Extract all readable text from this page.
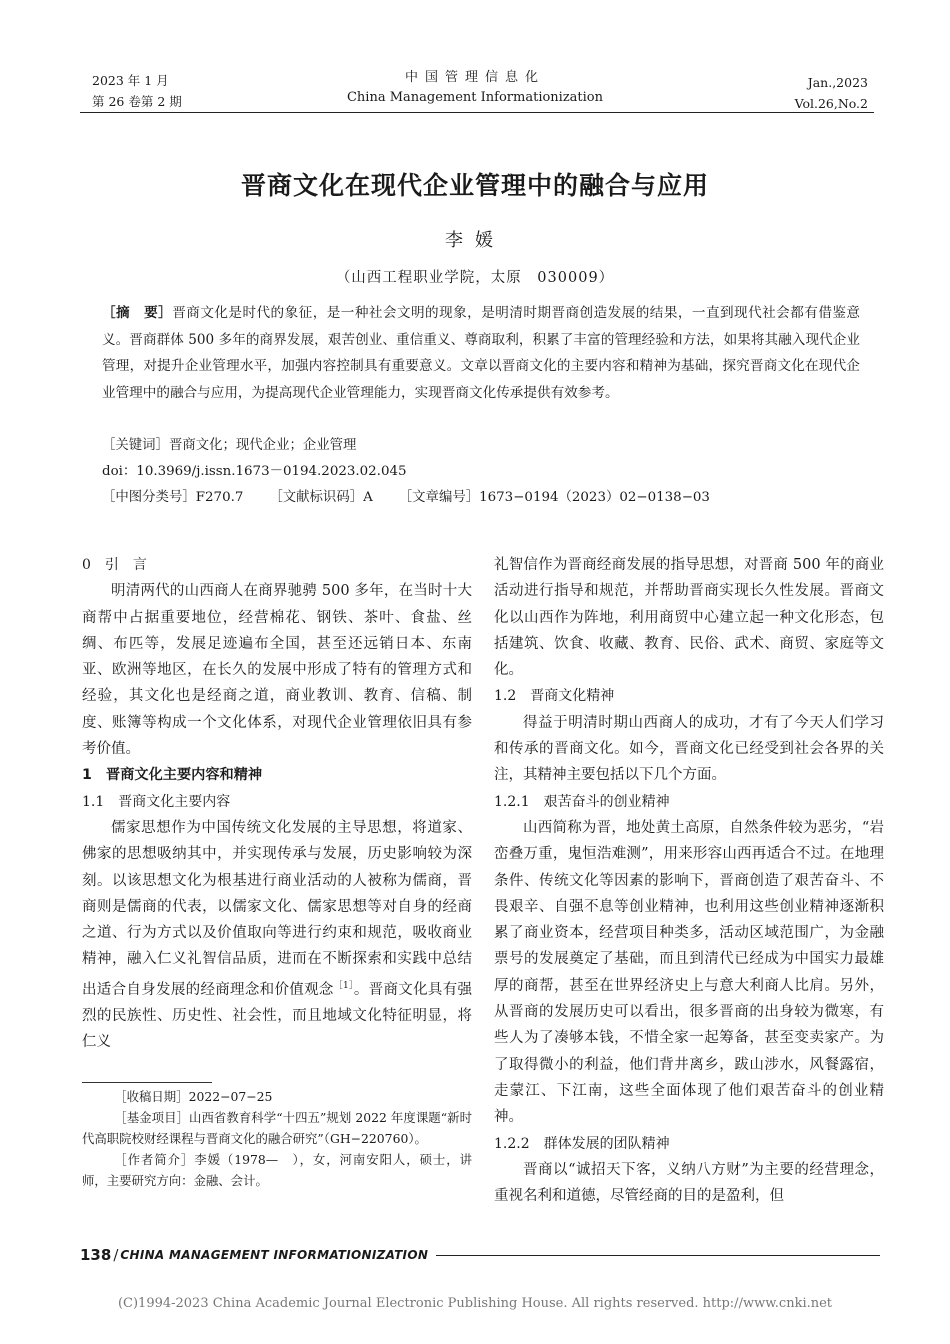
2023 年 1 月
第 26 卷第 2 期
中国管理信息化
China Management Informationization
Jan.,2023
Vol.26,No.2
晋商文化在现代企业管理中的融合与应用
李媛
（山西工程职业学院，太原　030009）
［摘　要］晋商文化是时代的象征，是一种社会文明的现象，是明清时期晋商创造发展的结果，一直到现代社会都有借鉴意义。晋商群体 500 多年的商界发展，艰苦创业、重信重义、尊商取利，积累了丰富的管理经验和方法，如果将其融入现代企业管理，对提升企业管理水平，加强内容控制具有重要意义。文章以晋商文化的主要内容和精神为基础，探究晋商文化在现代企业管理中的融合与应用，为提高现代企业管理能力，实现晋商文化传承提供有效参考。
［关键词］晋商文化；现代企业；企业管理
doi：10.3969/j.issn.1673－0194.2023.02.045
［中图分类号］F270.7 ［文献标识码］A ［文章编号］1673−0194（2023）02−0138−03

0　引　言

明清两代的山西商人在商界驰骋 500 多年，在当时十大商帮中占据重要地位，经营棉花、钢铁、茶叶、食盐、丝绸、布匹等，发展足迹遍布全国，甚至还远销日本、东南亚、欧洲等地区，在长久的发展中形成了特有的管理方式和经验，其文化也是经商之道，商业教训、教育、信稿、制度、账簿等构成一个文化体系，对现代企业管理依旧具有参考价值。

1　晋商文化主要内容和精神

1.1　晋商文化主要内容

儒家思想作为中国传统文化发展的主导思想，将道家、佛家的思想吸纳其中，并实现传承与发展，历史影响较为深刻。以该思想文化为根基进行商业活动的人被称为儒商，晋商则是儒商的代表，以儒家文化、儒家思想等对自身的经商之道、行为方式以及价值取向等进行约束和规范，吸收商业精神，融入仁义礼智信品质，进而在不断探索和实践中总结出适合自身发展的经商理念和价值观念$^{[1]}$。晋商文化具有强烈的民族性、历史性、社会性，而且地域文化特征明显，将仁义

礼智信作为晋商经商发展的指导思想，对晋商 500 年的商业活动进行指导和规范，并帮助晋商实现长久性发展。晋商文化以山西作为阵地，利用商贸中心建立起一种文化形态，包括建筑、饮食、收藏、教育、民俗、武术、商贸、家庭等文化。

1.2　晋商文化精神

得益于明清时期山西商人的成功，才有了今天人们学习和传承的晋商文化。如今，晋商文化已经受到社会各界的关注，其精神主要包括以下几个方面。

1.2.1　艰苦奋斗的创业精神

山西简称为晋，地处黄土高原，自然条件较为恶劣，“岩峦叠万重，鬼恒浩难测”，用来形容山西再适合不过。在地理条件、传统文化等因素的影响下，晋商创造了艰苦奋斗、不畏艰辛、自强不息等创业精神，也利用这些创业精神逐渐积累了商业资本，经营项目种类多，活动区域范围广，为金融票号的发展奠定了基础，而且到清代已经成为中国实力最雄厚的商帮，甚至在世界经济史上与意大利商人比肩。另外，从晋商的发展历史可以看出，很多晋商的出身较为微寒，有些人为了凑够本钱，不惜全家一起筹备，甚至变卖家产。为了取得微小的利益，他们背井离乡，跋山涉水，风餐露宿，走蒙江、下江南，这些全面体现了他们艰苦奋斗的创业精神。

1.2.2　群体发展的团队精神

晋商以“诚招天下客，义纳八方财”为主要的经营理念，重视名利和道德，尽管经商的目的是盈利，但

［收稿日期］2022−07−25

［基金项目］山西省教育科学“十四五”规划 2022 年度课题“新时代高职院校财经课程与晋商文化的融合研究”（GH−220760）。

［作者简介］李媛（1978—　），女，河南安阳人，硕士，讲师，主要研究方向：金融、会计。

138 / CHINA MANAGEMENT INFORMATIONIZATION
(C)1994-2023 China Academic Journal Electronic Publishing House. All rights reserved. http://www.cnki.net
